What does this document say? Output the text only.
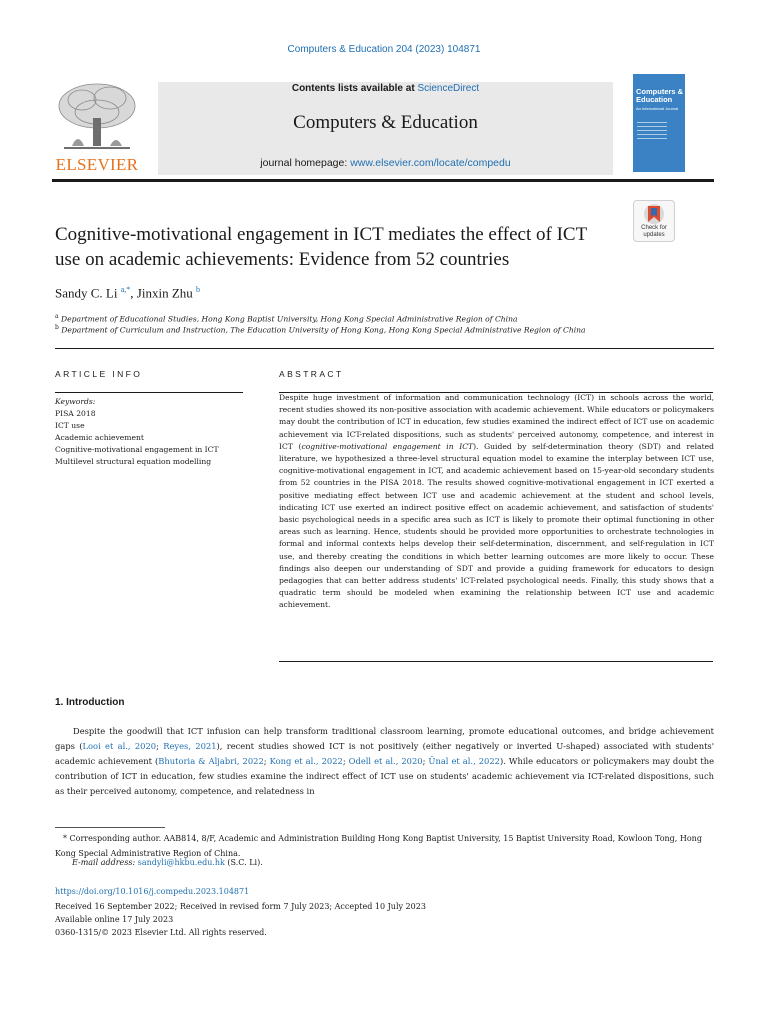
Computers & Education 204 (2023) 104871
ELSEVIER
Contents lists available at ScienceDirect
Computers & Education
journal homepage: www.elsevier.com/locate/compedu
Computers & Education
An International Journal
Cognitive-motivational engagement in ICT mediates the effect of ICT use on academic achievements: Evidence from 52 countries
Check for updates
Sandy C. Li $^{a,*}$, Jinxin Zhu $^b$
$^a$ Department of Educational Studies, Hong Kong Baptist University, Hong Kong Special Administrative Region of China
$^b$ Department of Curriculum and Instruction, The Education University of Hong Kong, Hong Kong Special Administrative Region of China
ARTICLE INFO
Keywords:
PISA 2018
ICT use
Academic achievement
Cognitive-motivational engagement in ICT
Multilevel structural equation modelling
ABSTRACT
Despite huge investment of information and communication technology (ICT) in schools across the world, recent studies showed its non-positive association with academic achievement. While educators or policymakers may doubt the contribution of ICT in education, few studies examined the indirect effect of ICT use on academic achievement via ICT-related dispositions, such as students' perceived autonomy, competence, and interest in ICT (cognitive-motivational engagement in ICT). Guided by self-determination theory (SDT) and related literature, we hypothesized a three-level structural equation model to examine the interplay between ICT use, cognitive-motivational engagement in ICT, and academic achievement based on 15-year-old secondary students from 52 countries in the PISA 2018. The results showed cognitive-motivational engagement in ICT exerted a positive mediating effect between ICT use and academic achievement at the student and school levels, indicating ICT use exerted an indirect positive effect on academic achievement, and satisfaction of students' basic psychological needs in a specific area such as ICT is likely to promote their optimal functioning in other areas such as learning. Hence, students should be provided more opportunities to orchestrate technologies in formal and informal contexts helps develop their self-determination, discernment, and self-regulation in ICT use, and thereby creating the conditions in which better learning outcomes are more likely to occur. These findings also deepen our understanding of SDT and provide a guiding framework for educators to design pedagogies that can better address students' ICT-related psychological needs. Finally, this study shows that a quadratic term should be modeled when examining the relationship between ICT use and academic achievement.
1. Introduction
Despite the goodwill that ICT infusion can help transform traditional classroom learning, promote educational outcomes, and bridge achievement gaps (Looi et al., 2020; Reyes, 2021), recent studies showed ICT is not positively (either negatively or inverted U-shaped) associated with students' academic achievement (Bhutoria & Aljabri, 2022; Kong et al., 2022; Odell et al., 2020; Ünal et al., 2022). While educators or policymakers may doubt the contribution of ICT in education, few studies examine the indirect effect of ICT use on students' academic achievement via ICT-related dispositions, such as their perceived autonomy, competence, and relatedness in
* Corresponding author. AAB814, 8/F, Academic and Administration Building Hong Kong Baptist University, 15 Baptist University Road, Kowloon Tong, Hong Kong Special Administrative Region of China.
E-mail address: sandyli@hkbu.edu.hk (S.C. Li).
https://doi.org/10.1016/j.compedu.2023.104871
Received 16 September 2022; Received in revised form 7 July 2023; Accepted 10 July 2023
Available online 17 July 2023
0360-1315/© 2023 Elsevier Ltd. All rights reserved.
